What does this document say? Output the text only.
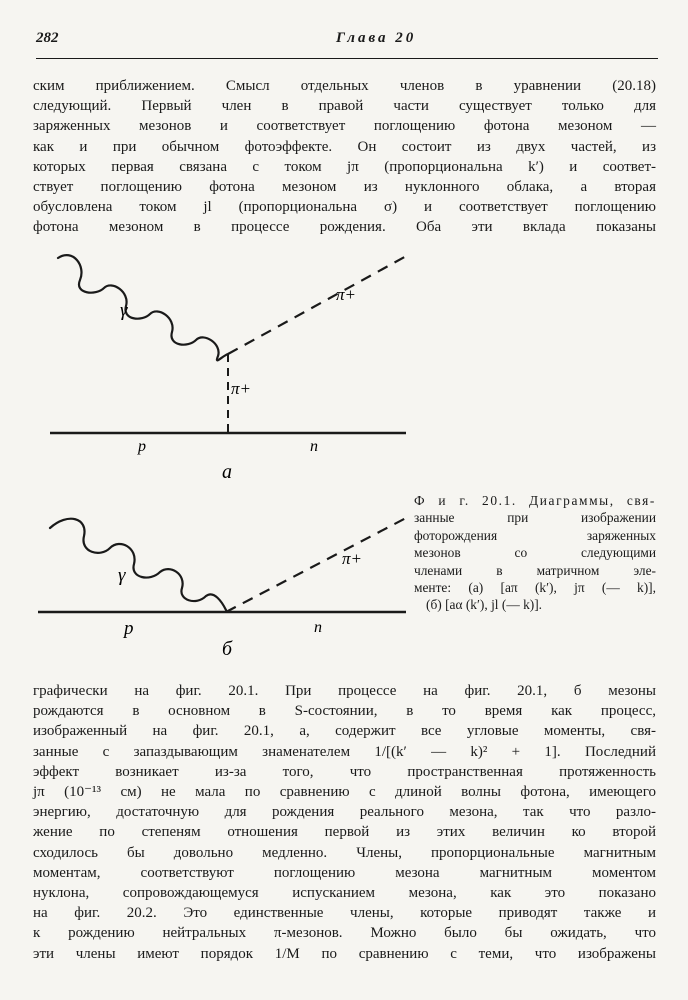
282	Глава 20
ским приближением. Смысл отдельных членов в уравнении (20.18)
следующий. Первый член в правой части существует только для
заряженных мезонов и соответствует поглощению фотона мезоном —
как и при обычном фотоэффекте. Он состоит из двух частей, из
которых первая связана с током jπ (пропорциональна k′) и соответ-
ствует поглощению фотона мезоном из нуклонного облака, а вторая
обусловлена током jl (пропорциональна σ) и соответствует поглощению
фотона мезоном в процессе рождения. Оба эти вклада показаны
γ
π+
π+
p	n
а
γ
π+
p	n
б
Ф и г. 20.1. Диаграммы, свя-
занные при изображении
фоторождения заряженных
мезонов со следующими
членами в матричном эле-
менте: (а) [aπ (k′), jπ (— k)],
(б) [aα (k′), jl (— k)].
графически на фиг. 20.1. При процессе на фиг. 20.1, б мезоны
рождаются в основном в S-состоянии, в то время как процесс,
изображенный на фиг. 20.1, а, содержит все угловые моменты, свя-
занные с запаздывающим знаменателем 1/[(k′ — k)² + 1]. Последний
эффект возникает из-за того, что пространственная протяженность
jπ (10⁻¹³ см) не мала по сравнению с длиной волны фотона, имеющего
энергию, достаточную для рождения реального мезона, так что разло-
жение по степеням отношения первой из этих величин ко второй
сходилось бы довольно медленно. Члены, пропорциональные магнитным
моментам, соответствуют поглощению мезона магнитным моментом
нуклона, сопровождающемуся испусканием мезона, как это показано
на фиг. 20.2. Это единственные члены, которые приводят также и
к рождению нейтральных π-мезонов. Можно было бы ожидать, что
эти члены имеют порядок 1/M по сравнению с теми, что изображены
